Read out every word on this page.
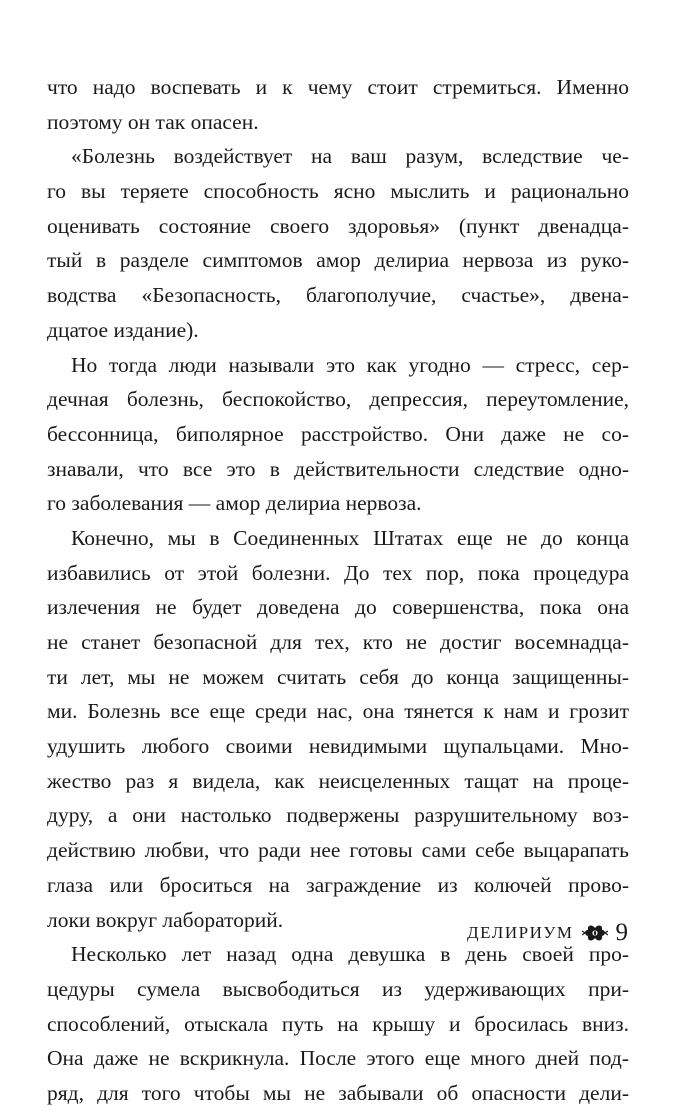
что надо воспевать и к чему стоит стремиться. Именно
поэтому он так опасен.
«Болезнь воздействует на ваш разум, вследствие че-
го вы теряете способность ясно мыслить и рационально
оценивать состояние своего здоровья» (пункт двенадца-
тый в разделе симптомов амор делириа нервоза из руко-
водства «Безопасность, благополучие, счастье», двена-
дцатое издание).
Но тогда люди называли это как угодно — стресс, сер-
дечная болезнь, беспокойство, депрессия, переутомление,
бессонница, биполярное расстройство. Они даже не со-
знавали, что все это в действительности следствие одно-
го заболевания — амор делириа нервоза.
Конечно, мы в Соединенных Штатах еще не до конца
избавились от этой болезни. До тех пор, пока процедура
излечения не будет доведена до совершенства, пока она
не станет безопасной для тех, кто не достиг восемнадца-
ти лет, мы не можем считать себя до конца защищенны-
ми. Болезнь все еще среди нас, она тянется к нам и грозит
удушить любого своими невидимыми щупальцами. Мно-
жество раз я видела, как неисцеленных тащат на проце-
дуру, а они настолько подвержены разрушительному воз-
действию любви, что ради нее готовы сами себе выцарапать
глаза или броситься на заграждение из колючей прово-
локи вокруг лабораторий.
Несколько лет назад одна девушка в день своей про-
цедуры сумела высвободиться из удерживающих при-
способлений, отыскала путь на крышу и бросилась вниз.
Она даже не вскрикнула. После этого еще много дней под-
ряд, для того чтобы мы не забывали об опасности дели-
ДЕЛИРИУМ 9
